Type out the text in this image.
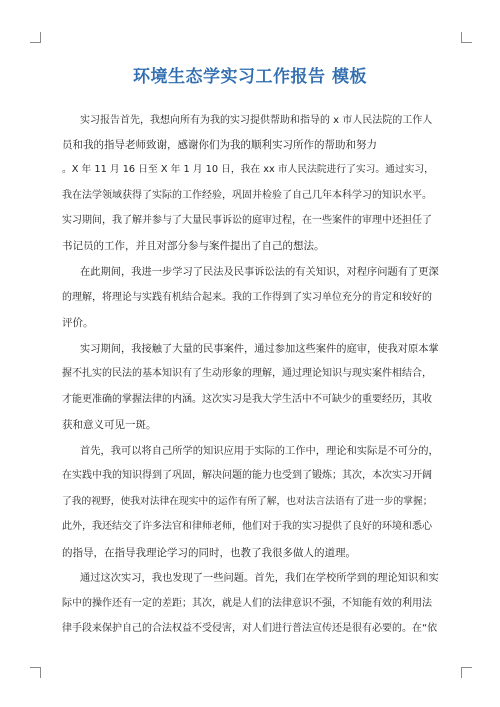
环境生态学实习工作报告 模板
实习报告首先，我想向所有为我的实习提供帮助和指导的 x 市人民法院的工作人
员和我的指导老师致谢，感谢你们为我的顺利实习所作的帮助和努力
。X 年 11 月 16 日至 X 年 1 月 10 日，我在 xx 市人民法院进行了实习。通过实习，
我在法学领域获得了实际的工作经验，巩固并检验了自己几年本科学习的知识水平。
实习期间，我了解并参与了大量民事诉讼的庭审过程，在一些案件的审理中还担任了
书记员的工作，并且对部分参与案件提出了自己的想法。
在此期间，我进一步学习了民法及民事诉讼法的有关知识，对程序问题有了更深
的理解，将理论与实践有机结合起来。我的工作得到了实习单位充分的肯定和较好的
评价。
实习期间，我接触了大量的民事案件，通过参加这些案件的庭审，使我对原本掌
握不扎实的民法的基本知识有了生动形象的理解，通过理论知识与现实案件相结合，
才能更准确的掌握法律的内涵。这次实习是我大学生活中不可缺少的重要经历，其收
获和意义可见一斑。
首先，我可以将自己所学的知识应用于实际的工作中，理论和实际是不可分的，
在实践中我的知识得到了巩固，解决问题的能力也受到了锻炼；其次，本次实习开阔
了我的视野，使我对法律在现实中的运作有所了解，也对法言法语有了进一步的掌握；
此外，我还结交了许多法官和律师老师，他们对于我的实习提供了良好的环境和悉心
的指导，在指导我理论学习的同时，也教了我很多做人的道理。
通过这次实习，我也发现了一些问题。首先，我们在学校所学到的理论知识和实
际中的操作还有一定的差距；其次，就是人们的法律意识不强，不知能有效的利用法
律手段来保护自己的合法权益不受侵害，对人们进行普法宣传还是很有必要的。在“依
